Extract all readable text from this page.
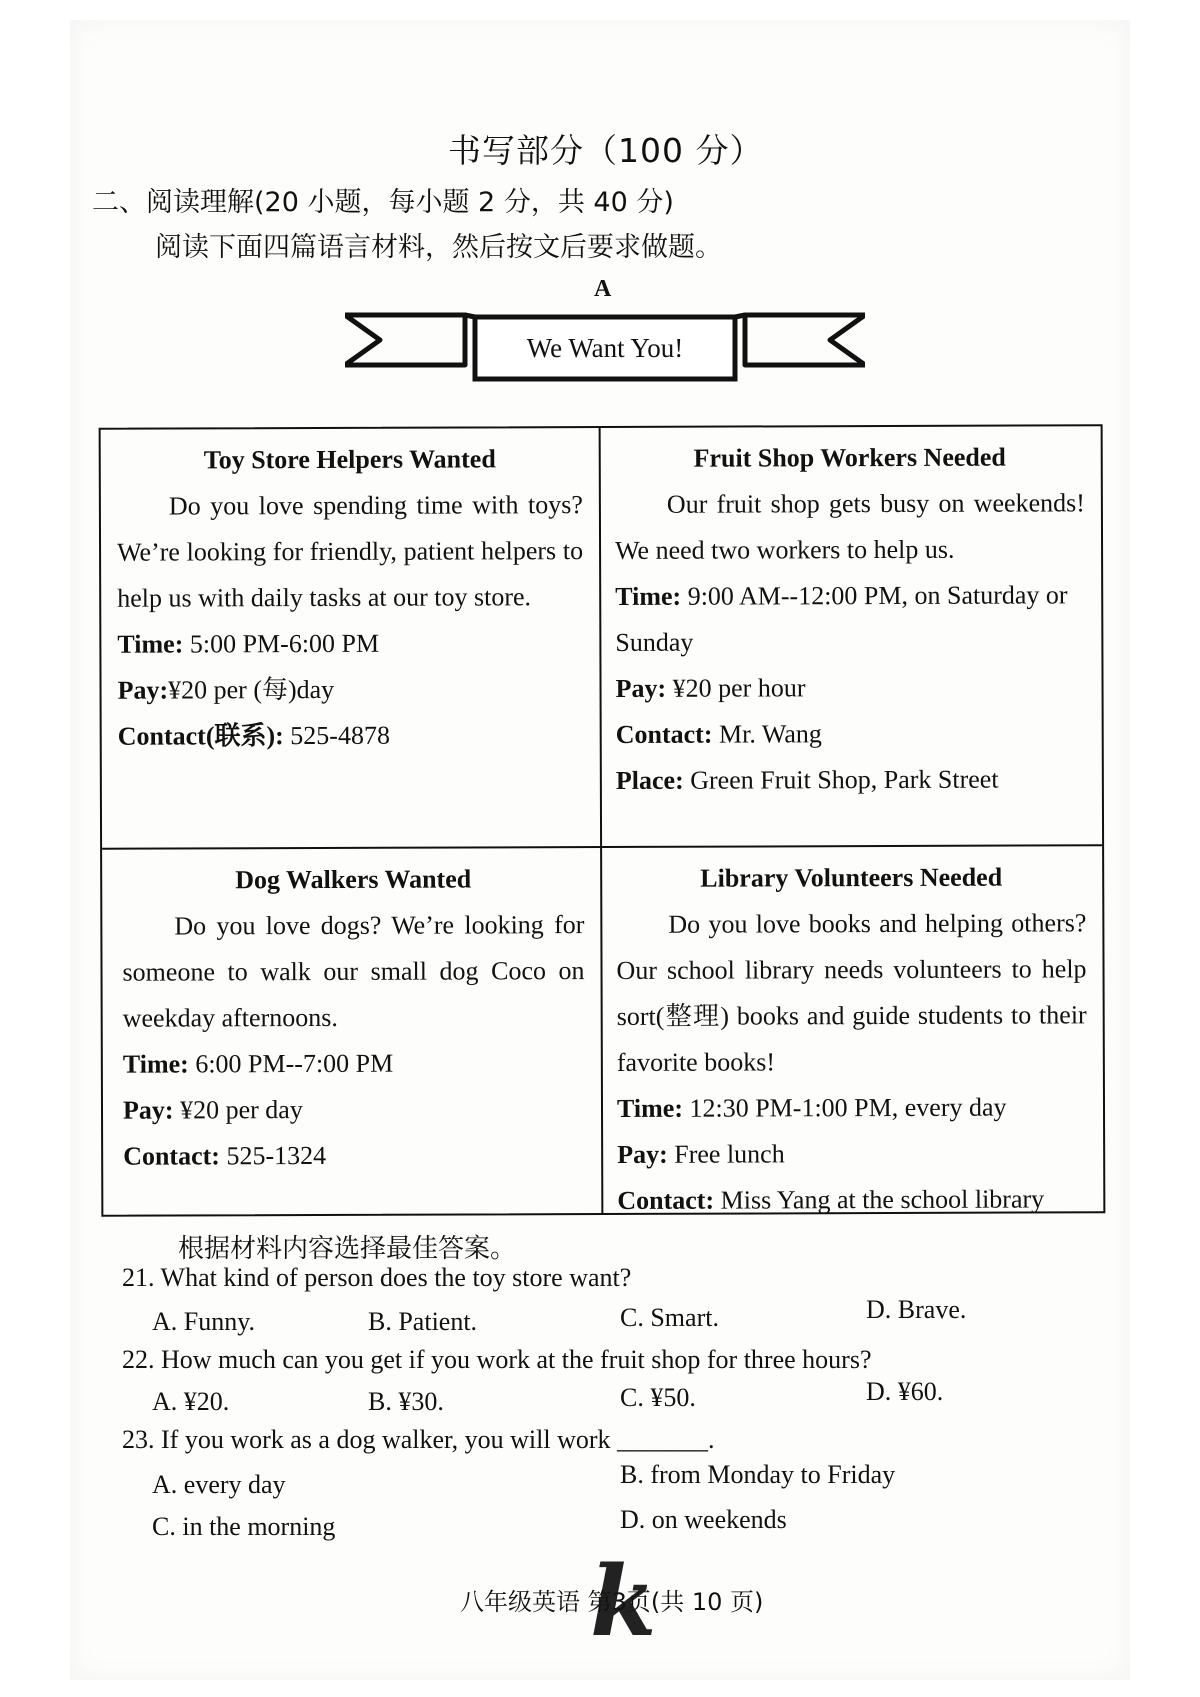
书写部分（100 分）
二、阅读理解(20 小题，每小题 2 分，共 40 分)
阅读下面四篇语言材料，然后按文后要求做题。
A
We Want You!
Toy Store Helpers Wanted
Do you love spending time with toys? We’re looking for friendly, patient helpers to help us with daily tasks at our toy store.
Time: 5:00 PM-6:00 PM
Pay:¥20 per (每)day
Contact(联系): 525-4878
Fruit Shop Workers Needed
Our fruit shop gets busy on weekends! We need two workers to help us.
Time: 9:00 AM--12:00 PM, on Saturday or Sunday
Pay: ¥20 per hour
Contact: Mr. Wang
Place: Green Fruit Shop, Park Street
Dog Walkers Wanted
Do you love dogs? We’re looking for someone to walk our small dog Coco on weekday afternoons.
Time: 6:00 PM--7:00 PM
Pay: ¥20 per day
Contact: 525-1324
Library Volunteers Needed
Do you love books and helping others? Our school library needs volunteers to help sort(整理) books and guide students to their favorite books!
Time: 12:30 PM-1:00 PM, every day
Pay: Free lunch
Contact: Miss Yang at the school library
根据材料内容选择最佳答案。
21. What kind of person does the toy store want?
A. Funny.	B. Patient.	C. Smart.	D. Brave.
22. How much can you get if you work at the fruit shop for three hours?
A. ¥20.	B. ¥30.	C. ¥50.	D. ¥60.
23. If you work as a dog walker, you will work _______.
A. every day	B. from Monday to Friday
C. in the morning	D. on weekends
k
八年级英语 第3页(共 10 页)
